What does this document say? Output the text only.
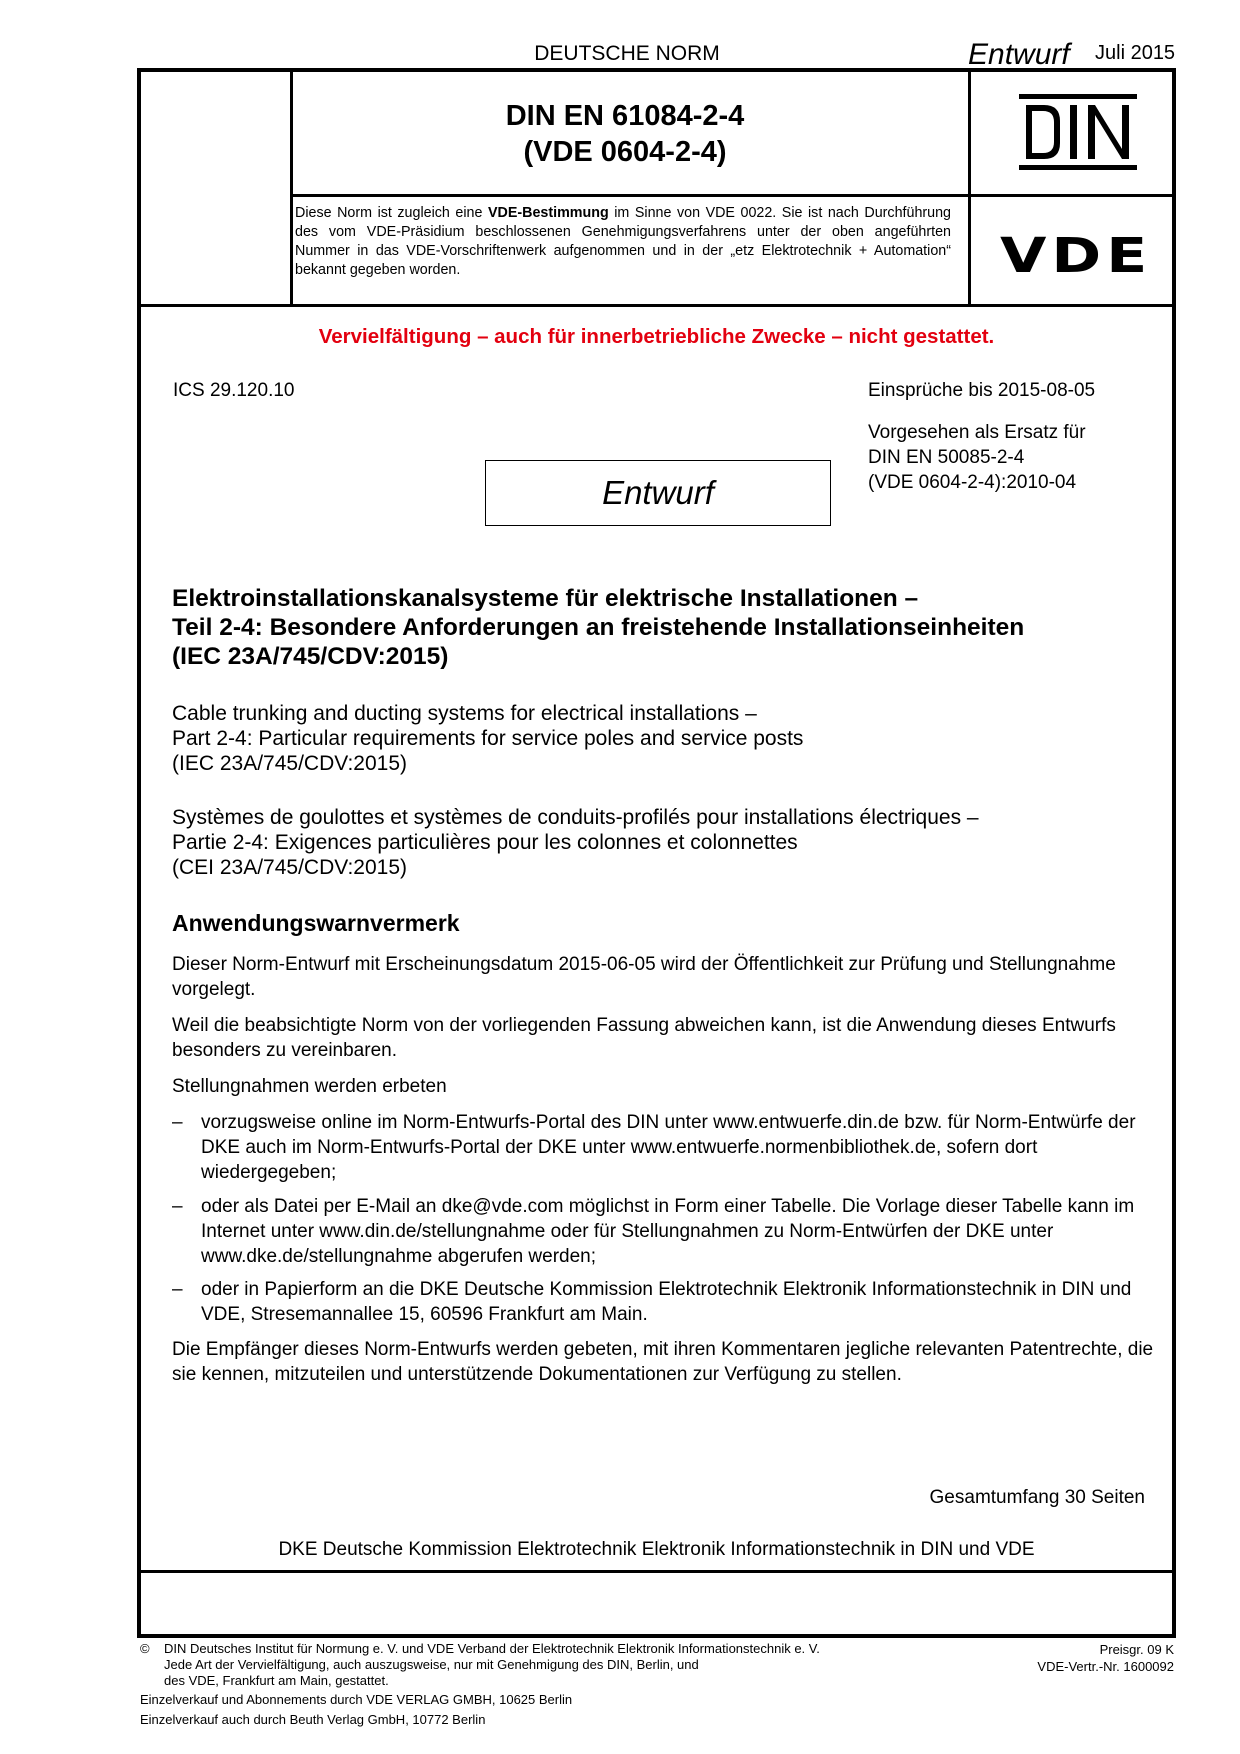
DEUTSCHE NORM	Entwurf Juli 2015
DIN EN 61084-2-4
(VDE 0604-2-4)
Diese Norm ist zugleich eine VDE-Bestimmung im Sinne von VDE 0022. Sie ist nach Durchführung des vom VDE-Präsidium beschlossenen Genehmigungsverfahrens unter der oben angeführten Nummer in das VDE-Vorschriftenwerk aufgenommen und in der „etz Elektrotechnik + Automation“ bekannt gegeben worden.	VDE
Vervielfältigung – auch für innerbetriebliche Zwecke – nicht gestattet.
ICS 29.120.10	Einsprüche bis 2015-08-05
Vorgesehen als Ersatz für
DIN EN 50085-2-4
(VDE 0604-2-4):2010-04
Entwurf
Elektroinstallationskanalsysteme für elektrische Installationen –
Teil 2-4: Besondere Anforderungen an freistehende Installationseinheiten
(IEC 23A/745/CDV:2015)
Cable trunking and ducting systems for electrical installations –
Part 2-4: Particular requirements for service poles and service posts
(IEC 23A/745/CDV:2015)
Systèmes de goulottes et systèmes de conduits-profilés pour installations électriques –
Partie 2-4: Exigences particulières pour les colonnes et colonnettes
(CEI 23A/745/CDV:2015)
Anwendungswarnvermerk
Dieser Norm-Entwurf mit Erscheinungsdatum 2015-06-05 wird der Öffentlichkeit zur Prüfung und Stellungnahme vorgelegt.
Weil die beabsichtigte Norm von der vorliegenden Fassung abweichen kann, ist die Anwendung dieses Entwurfs besonders zu vereinbaren.
Stellungnahmen werden erbeten
– vorzugsweise online im Norm-Entwurfs-Portal des DIN unter www.entwuerfe.din.de bzw. für Norm-Entwürfe der DKE auch im Norm-Entwurfs-Portal der DKE unter www.entwuerfe.normenbibliothek.de, sofern dort wiedergegeben;
– oder als Datei per E-Mail an dke@vde.com möglichst in Form einer Tabelle. Die Vorlage dieser Tabelle kann im Internet unter www.din.de/stellungnahme oder für Stellungnahmen zu Norm-Entwürfen der DKE unter www.dke.de/stellungnahme abgerufen werden;
– oder in Papierform an die DKE Deutsche Kommission Elektrotechnik Elektronik Informationstechnik in DIN und VDE, Stresemannallee 15, 60596 Frankfurt am Main.
Die Empfänger dieses Norm-Entwurfs werden gebeten, mit ihren Kommentaren jegliche relevanten Patentrechte, die sie kennen, mitzuteilen und unterstützende Dokumentationen zur Verfügung zu stellen.
Gesamtumfang 30 Seiten
DKE Deutsche Kommission Elektrotechnik Elektronik Informationstechnik in DIN und VDE
© DIN Deutsches Institut für Normung e. V. und VDE Verband der Elektrotechnik Elektronik Informationstechnik e. V.
Jede Art der Vervielfältigung, auch auszugsweise, nur mit Genehmigung des DIN, Berlin, und
des VDE, Frankfurt am Main, gestattet.
Preisgr. 09 K
VDE-Vertr.-Nr. 1600092
Einzelverkauf und Abonnements durch VDE VERLAG GMBH, 10625 Berlin
Einzelverkauf auch durch Beuth Verlag GmbH, 10772 Berlin
